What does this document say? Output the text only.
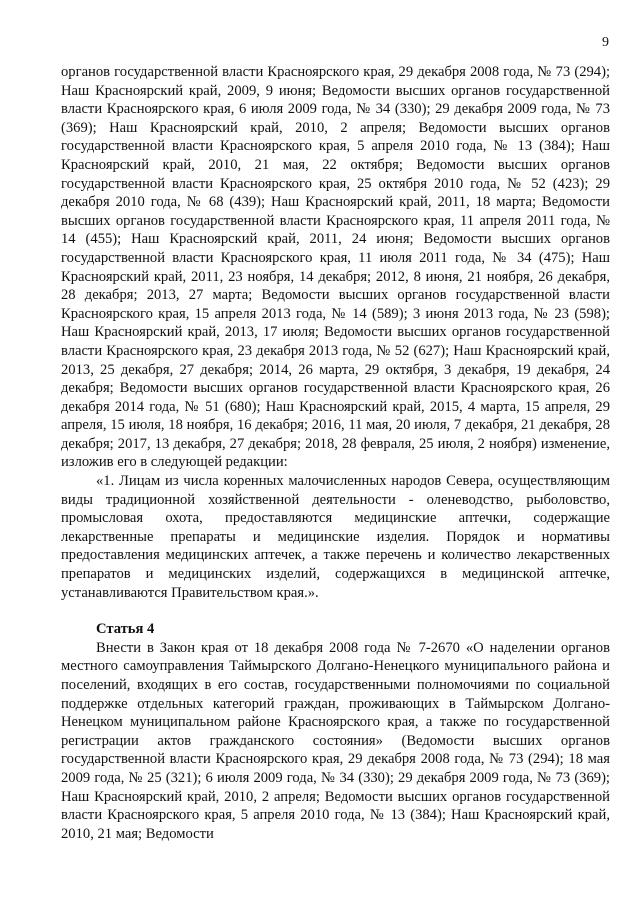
9

органов государственной власти Красноярского края, 29 декабря 2008 года, № 73 (294); Наш Красноярский край, 2009, 9 июня; Ведомости высших органов государственной власти Красноярского края, 6 июля 2009 года, № 34 (330); 29 декабря 2009 года, № 73 (369); Наш Красноярский край, 2010, 2 апреля; Ведомости высших органов государственной власти Красноярского края, 5 апреля 2010 года, № 13 (384); Наш Красноярский край, 2010, 21 мая, 22 октября; Ведомости высших органов государственной власти Красноярского края, 25 октября 2010 года, № 52 (423); 29 декабря 2010 года, № 68 (439); Наш Красноярский край, 2011, 18 марта; Ведомости высших органов государственной власти Красноярского края, 11 апреля 2011 года, № 14 (455); Наш Красноярский край, 2011, 24 июня; Ведомости высших органов государственной власти Красноярского края, 11 июля 2011 года, № 34 (475); Наш Красноярский край, 2011, 23 ноября, 14 декабря; 2012, 8 июня, 21 ноября, 26 декабря, 28 декабря; 2013, 27 марта; Ведомости высших органов государственной власти Красноярского края, 15 апреля 2013 года, № 14 (589); 3 июня 2013 года, № 23 (598); Наш Красноярский край, 2013, 17 июля; Ведомости высших органов государственной власти Красноярского края, 23 декабря 2013 года, № 52 (627); Наш Красноярский край, 2013, 25 декабря, 27 декабря; 2014, 26 марта, 29 октября, 3 декабря, 19 декабря, 24 декабря; Ведомости высших органов государственной власти Красноярского края, 26 декабря 2014 года, № 51 (680); Наш Красноярский край, 2015, 4 марта, 15 апреля, 29 апреля, 15 июля, 18 ноября, 16 декабря; 2016, 11 мая, 20 июля, 7 декабря, 21 декабря, 28 декабря; 2017, 13 декабря, 27 декабря; 2018, 28 февраля, 25 июля, 2 ноября) изменение, изложив его в следующей редакции:

«1. Лицам из числа коренных малочисленных народов Севера, осуществляющим виды традиционной хозяйственной деятельности - оленеводство, рыболовство, промысловая охота, предоставляются медицинские аптечки, содержащие лекарственные препараты и медицинские изделия. Порядок и нормативы предоставления медицинских аптечек, а также перечень и количество лекарственных препаратов и медицинских изделий, содержащихся в медицинской аптечке, устанавливаются Правительством края.».

Статья 4

Внести в Закон края от 18 декабря 2008 года № 7-2670 «О наделении органов местного самоуправления Таймырского Долгано-Ненецкого муниципального района и поселений, входящих в его состав, государственными полномочиями по социальной поддержке отдельных категорий граждан, проживающих в Таймырском Долгано-Ненецком муниципальном районе Красноярского края, а также по государственной регистрации актов гражданского состояния» (Ведомости высших органов государственной власти Красноярского края, 29 декабря 2008 года, № 73 (294); 18 мая 2009 года, № 25 (321); 6 июля 2009 года, № 34 (330); 29 декабря 2009 года, № 73 (369); Наш Красноярский край, 2010, 2 апреля; Ведомости высших органов государственной власти Красноярского края, 5 апреля 2010 года, № 13 (384); Наш Красноярский край, 2010, 21 мая; Ведомости
